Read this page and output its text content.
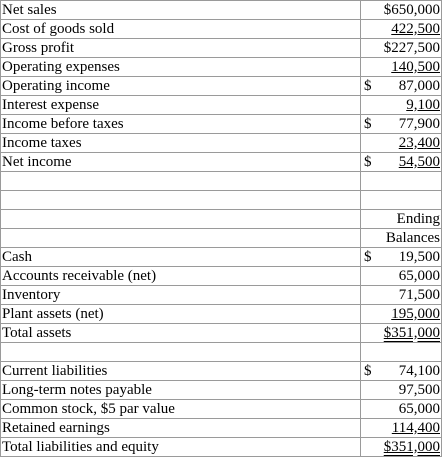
Net sales	$650,000
Cost of goods sold	422,500
Gross profit	$227,500
Operating expenses	140,500
Operating income	$ 87,000
Interest expense	9,100
Income before taxes	$ 77,900
Income taxes	23,400
Net income	$ 54,500

	Ending
	Balances
Cash	$ 19,500
Accounts receivable (net)	65,000
Inventory	71,500
Plant assets (net)	195,000
Total assets	$351,000

Current liabilities	$ 74,100
Long-term notes payable	97,500
Common stock, $5 par value	65,000
Retained earnings	114,400
Total liabilities and equity	$351,000
